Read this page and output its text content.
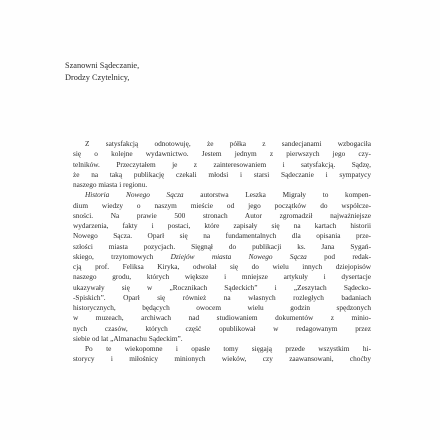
Szanowni Sądeczanie,
Drodzy Czytelnicy,
Z satysfakcją odnotowuję, że półka z sandecjanami wzbogaciła
się o kolejne wydawnictwo. Jestem jednym z pierwszych jego czy-
telników. Przeczytałem je z zainteresowaniem i satysfakcją. Sądzę,
że na taką publikację czekali młodsi i starsi Sądeczanie i sympatycy
naszego miasta i regionu.
Historia Nowego Sącza autorstwa Leszka Migrały to kompen-
dium wiedzy o naszym mieście od jego początków do współcze-
sności. Na prawie 500 stronach Autor zgromadził najważniejsze
wydarzenia, fakty i postaci, które zapisały się na kartach historii
Nowego Sącza. Oparł się na fundamentalnych dla opisania prze-
szłości miasta pozycjach. Sięgnął do publikacji ks. Jana Sygań-
skiego, trzytomowych Dziejów miasta Nowego Sącza pod redak-
cją prof. Feliksa Kiryka, odwołał się do wielu innych dziejopisów
naszego grodu, których większe i mniejsze artykuły i dysertacje
ukazywały się w „Rocznikach Sądeckich” i „Zeszytach Sądecko-
-Spiskich”. Oparł się również na własnych rozległych badaniach
historycznych, będących owocem wielu godzin spędzonych
w muzeach, archiwach nad studiowaniem dokumentów z minio-
nych czasów, których część opublikował w redagowanym przez
siebie od lat „Almanachu Sądeckim”.
Po te wiekopomne i opasłe tomy sięgają przede wszystkim hi-
storycy i miłośnicy minionych wieków, czy zaawansowani, choćby
